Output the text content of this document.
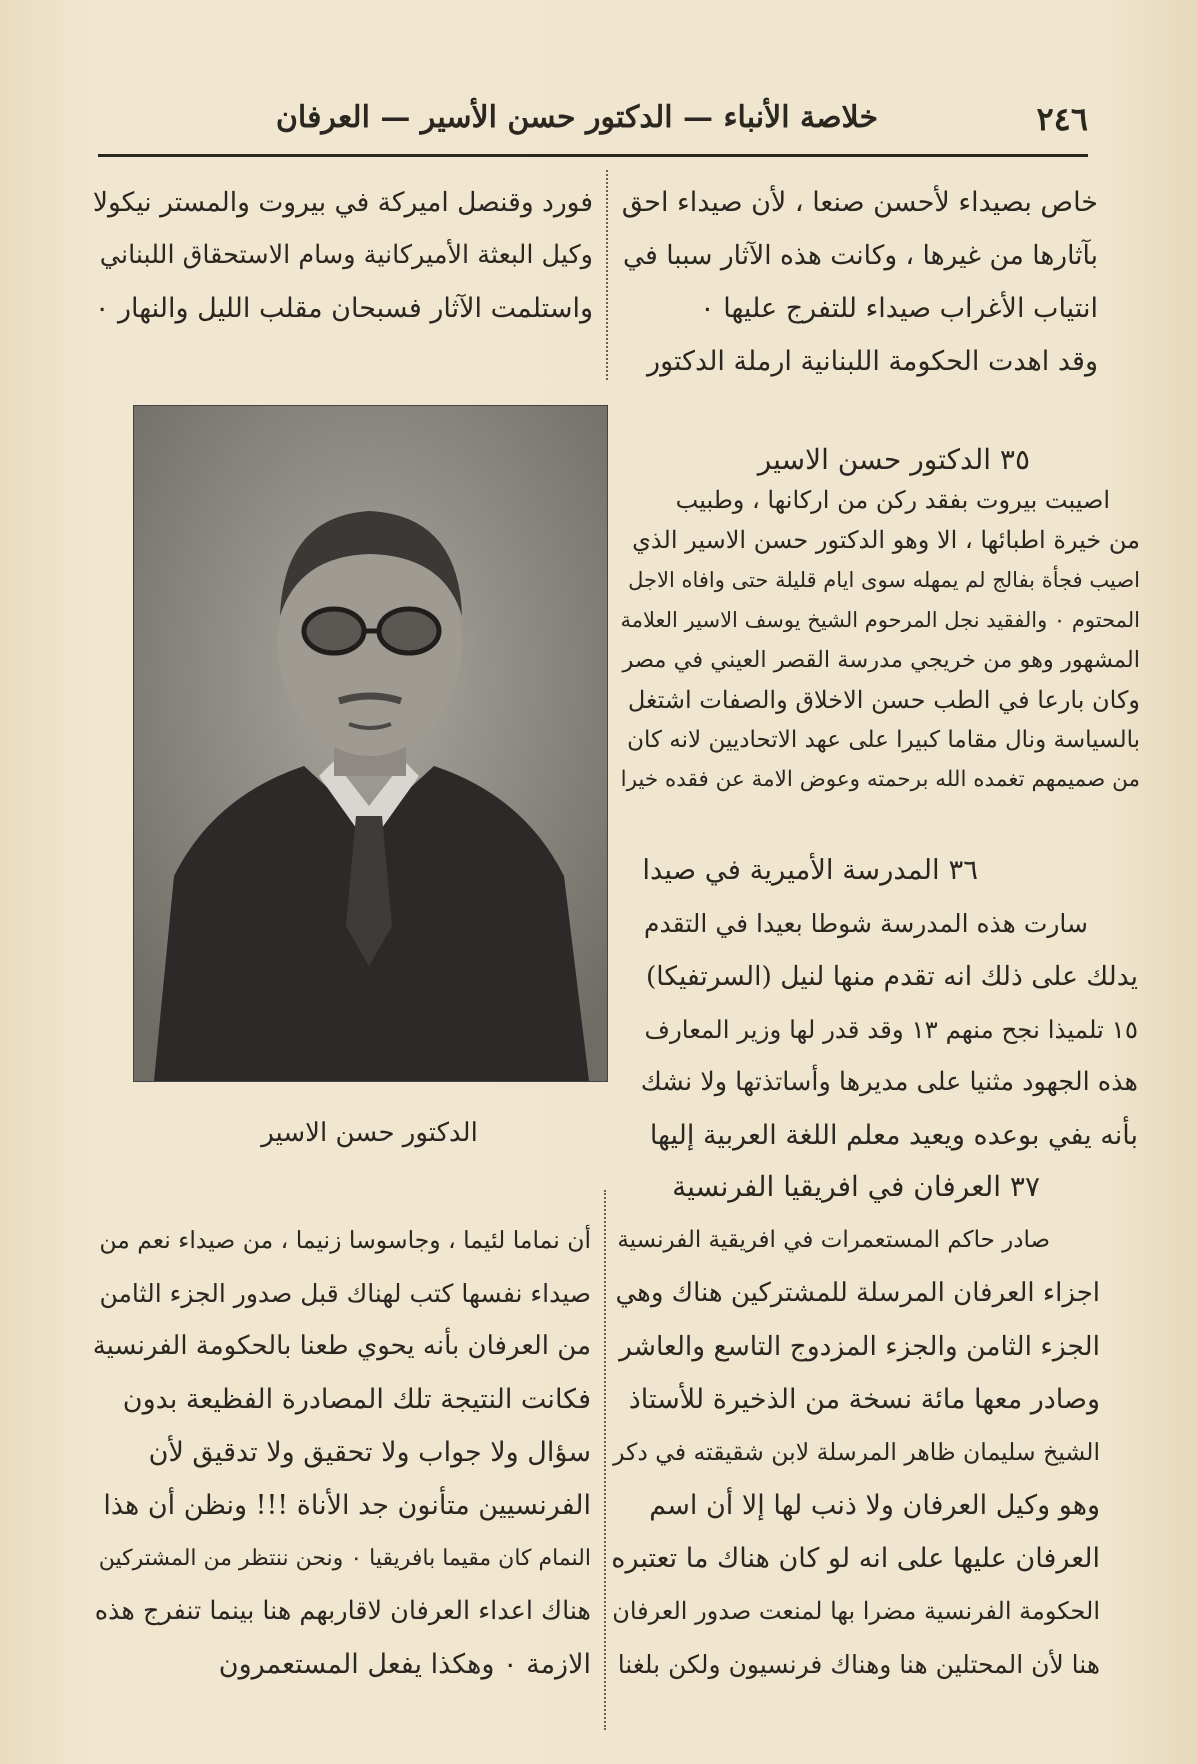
٢٤٦
خلاصة الأنباء — الدكتور حسن الأسير — العرفان

خاص بصيداء لأحسن صنعا ، لأن صيداء احق

بآثارها من غيرها ، وكانت هذه الآثار سببا في

انتياب الأغراب صيداء للتفرج عليها ٠

وقد اهدت الحكومة اللبنانية ارملة الدكتور

فورد وقنصل اميركة في بيروت والمستر نيكولا

وكيل البعثة الأميركانية وسام الاستحقاق اللبناني

واستلمت الآثار فسبحان مقلب الليل والنهار ٠

٣٥ الدكتور حسن الاسير

اصيبت بيروت بفقد ركن من اركانها ، وطبيب

من خيرة اطبائها ، الا وهو الدكتور حسن الاسير الذي

اصيب فجأة بفالج لم يمهله سوى ايام قليلة حتى وافاه الاجل

المحتوم ٠ والفقيد نجل المرحوم الشيخ يوسف الاسير العلامة

المشهور وهو من خريجي مدرسة القصر العيني في مصر

وكان بارعا في الطب حسن الاخلاق والصفات اشتغل

بالسياسة ونال مقاما كبيرا على عهد الاتحاديين لانه كان

من صميمهم تغمده الله برحمته وعوض الامة عن فقده خيرا

٣٦ المدرسة الأميرية في صيدا

سارت هذه المدرسة شوطا بعيدا في التقدم

يدلك على ذلك انه تقدم منها لنيل (السرتفيكا)

١٥ تلميذا نجح منهم ١٣ وقد قدر لها وزير المعارف

هذه الجهود مثنيا على مديرها وأساتذتها ولا نشك

بأنه يفي بوعده ويعيد معلم اللغة العربية إليها

الدكتور حسن الاسير
٣٧ العرفان في افريقيا الفرنسية

صادر حاكم المستعمرات في افريقية الفرنسية

اجزاء العرفان المرسلة للمشتركين هناك وهي

الجزء الثامن والجزء المزدوج التاسع والعاشر

وصادر معها مائة نسخة من الذخيرة للأستاذ

الشيخ سليمان ظاهر المرسلة لابن شقيقته في دكر

وهو وكيل العرفان ولا ذنب لها إلا أن اسم

العرفان عليها على انه لو كان هناك ما تعتبره

الحكومة الفرنسية مضرا بها لمنعت صدور العرفان

هنا لأن المحتلين هنا وهناك فرنسيون ولكن بلغنا

أن نماما لئيما ، وجاسوسا زنيما ، من صيداء نعم من

صيداء نفسها كتب لهناك قبل صدور الجزء الثامن

من العرفان بأنه يحوي طعنا بالحكومة الفرنسية

فكانت النتيجة تلك المصادرة الفظيعة بدون

سؤال ولا جواب ولا تحقيق ولا تدقيق لأن

الفرنسيين متأنون جد الأناة !!! ونظن أن هذا

النمام كان مقيما بافريقيا ٠ ونحن ننتظر من المشتركين

هناك اعداء العرفان لاقاربهم هنا بينما تنفرج هذه

الازمة ٠ وهكذا يفعل المستعمرون
